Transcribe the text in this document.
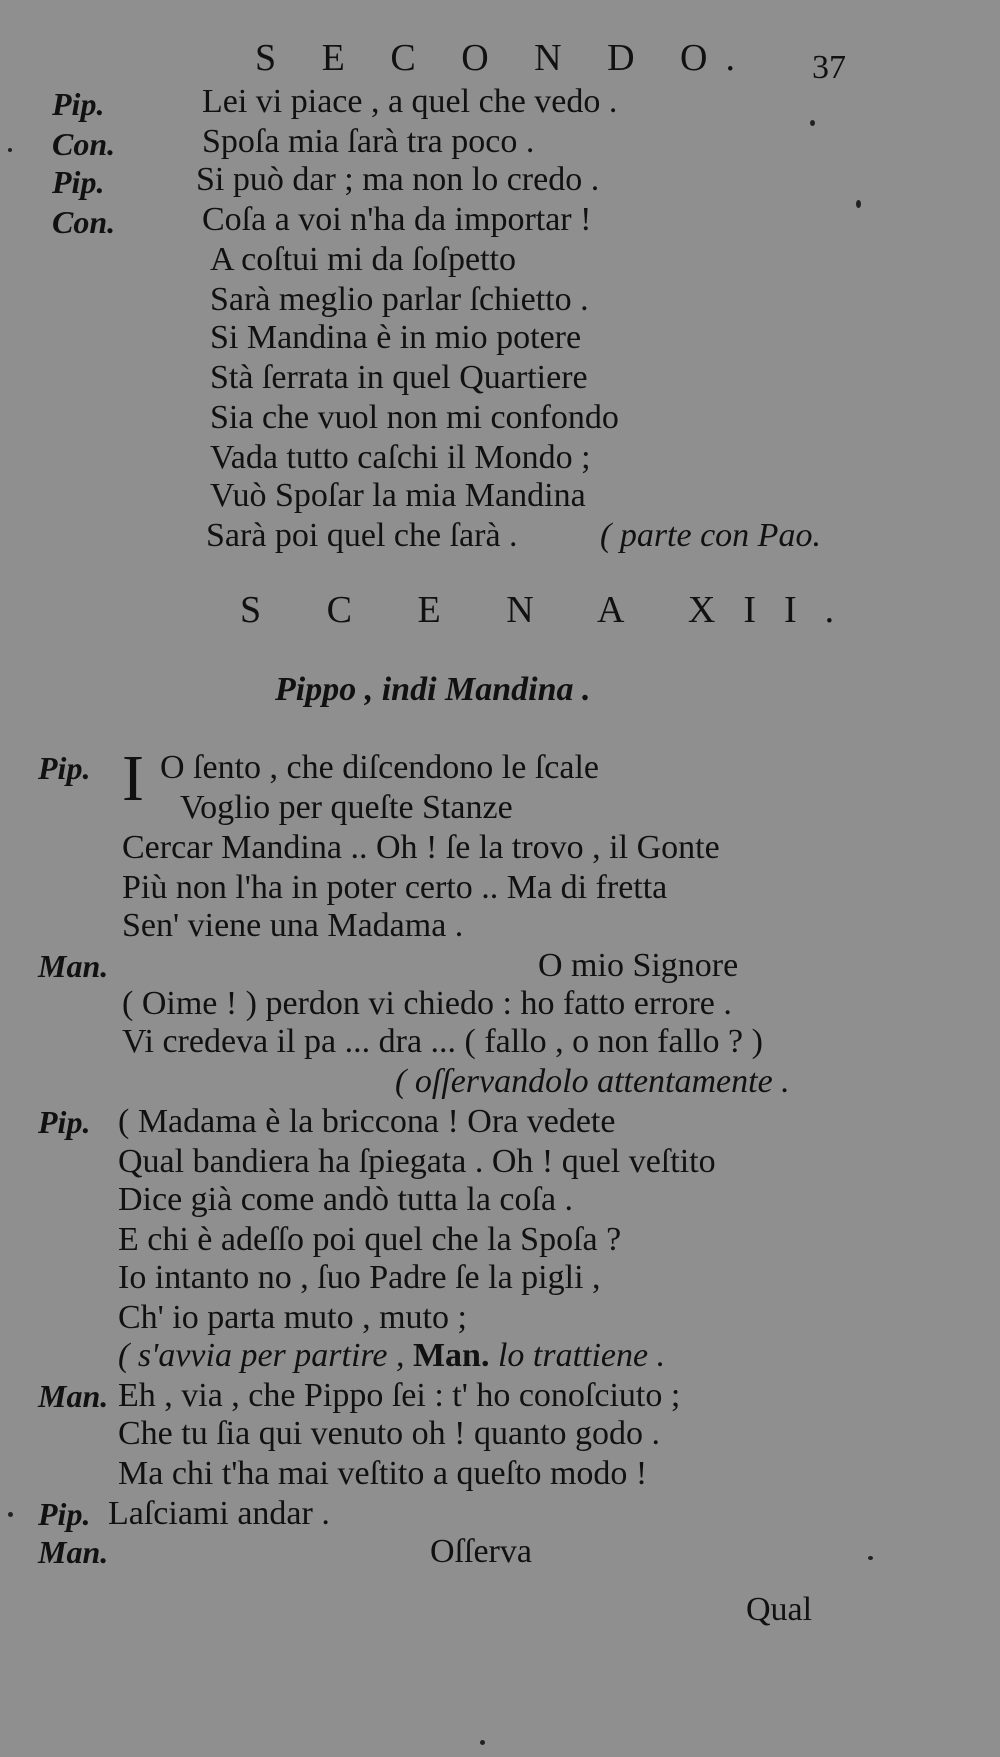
S E C O N D O. 37
Pip.	Lei vi piace , a quel che vedo .
Con.	Spoſa mia ſarà tra poco .
Pip.	Si può dar ; ma non lo credo .
Con.	Coſa a voi n'ha da importar !
A coſtui mi da ſoſpetto
Sarà meglio parlar ſchietto .
Si Mandina è in mio potere
Stà ſerrata in quel Quartiere
Sia che vuol non mi confondo
Vada tutto caſchi il Mondo ;
Vuò Spoſar la mia Mandina
Sarà poi quel che ſarà . ( parte con Pao.
S C E N A XII.
Pippo , indi Mandina .
Pip. I O ſento , che diſcendono le ſcale
Voglio per queſte Stanze
Cercar Mandina .. Oh ! ſe la trovo , il Gonte
Più non l'ha in poter certo .. Ma di fretta
Sen' viene una Madama .
Man.	O mio Signore
( Oime ! ) perdon vi chiedo : ho fatto errore .
Vi credeva il pa ... dra ... ( fallo , o non fallo ? )
( oſſervandolo attentamente .
Pip. ( Madama è la briccona ! Ora vedete
Qual bandiera ha ſpiegata . Oh ! quel veſtito
Dice già come andò tutta la coſa .
E chi è adeſſo poi quel che la Spoſa ?
Io intanto no , ſuo Padre ſe la pigli ,
Ch' io parta muto , muto ;
( s'avvia per partire , Man. lo trattiene .
Man. Eh , via , che Pippo ſei : t' ho conoſciuto ;
Che tu ſia qui venuto oh ! quanto godo .
Ma chi t'ha mai veſtito a queſto modo !
Pip. Laſciami andar .
Man.	Oſſerva
Qual
